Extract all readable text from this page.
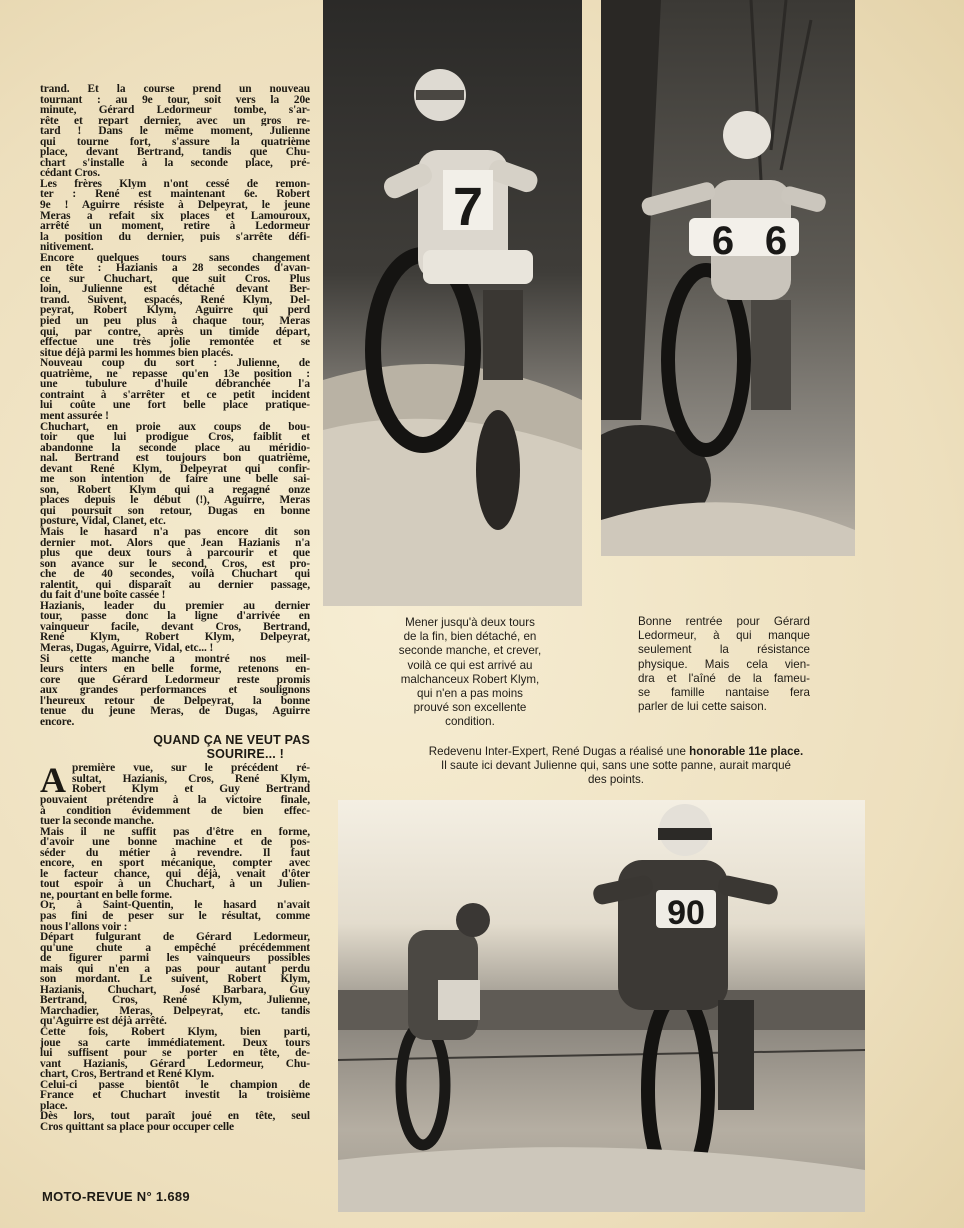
trand. Et la course prend un nouveau
tournant : au 9e tour, soit vers la 20e
minute, Gérard Ledormeur tombe, s'ar-
rête et repart dernier, avec un gros re-
tard ! Dans le même moment, Julienne
qui tourne fort, s'assure la quatrième
place, devant Bertrand, tandis que Chu-
chart s'installe à la seconde place, pré-
cédant Cros.
Les frères Klym n'ont cessé de remon-
ter : René est maintenant 6e. Robert
9e ! Aguirre résiste à Delpeyrat, le jeune
Meras a refait six places et Lamouroux,
arrêté un moment, retire à Ledormeur
la position du dernier, puis s'arrête défi-
nitivement.
Encore quelques tours sans changement
en tête : Hazianis a 28 secondes d'avan-
ce sur Chuchart, que suit Cros. Plus
loin, Julienne est détaché devant Ber-
trand. Suivent, espacés, René Klym, Del-
peyrat, Robert Klym, Aguirre qui perd
pied un peu plus à chaque tour, Meras
qui, par contre, après un timide départ,
effectue une très jolie remontée et se
situe déjà parmi les hommes bien placés.
Nouveau coup du sort : Julienne, de
quatrième, ne repasse qu'en 13e position :
une tubulure d'huile débranchée l'a
contraint à s'arrêter et ce petit incident
lui coûte une fort belle place pratique-
ment assurée !
Chuchart, en proie aux coups de bou-
toir que lui prodigue Cros, faiblit et
abandonne la seconde place au méridio-
nal. Bertrand est toujours bon quatrième,
devant René Klym, Delpeyrat qui confir-
me son intention de faire une belle sai-
son, Robert Klym qui a regagné onze
places depuis le début (!), Aguirre, Meras
qui poursuit son retour, Dugas en bonne
posture, Vidal, Clanet, etc.
Mais le hasard n'a pas encore dit son
dernier mot. Alors que Jean Hazianis n'a
plus que deux tours à parcourir et que
son avance sur le second, Cros, est pro-
che de 40 secondes, voilà Chuchart qui
ralentit, qui disparaît au dernier passage,
du fait d'une boîte cassée !
Hazianis, leader du premier au dernier
tour, passe donc la ligne d'arrivée en
vainqueur facile, devant Cros, Bertrand,
René Klym, Robert Klym, Delpeyrat,
Meras, Dugas, Aguirre, Vidal, etc... !
Si cette manche a montré nos meil-
leurs inters en belle forme, retenons en-
core que Gérard Ledormeur reste promis
aux grandes performances et soulignons
l'heureux retour de Delpeyrat, la bonne
tenue du jeune Meras, de Dugas, Aguirre
encore.
QUAND ÇA NE VEUT PAS
SOURIRE... !
A première vue, sur le précédent ré-
sultat, Hazianis, Cros, René Klym,
Robert Klym et Guy Bertrand
pouvaient prétendre à la victoire finale,
à condition évidemment de bien effec-
tuer la seconde manche.
Mais il ne suffit pas d'être en forme,
d'avoir une bonne machine et de pos-
séder du métier à revendre. Il faut
encore, en sport mécanique, compter avec
le facteur chance, qui déjà, venait d'ôter
tout espoir à un Chuchart, à un Julien-
ne, pourtant en belle forme.
Or, à Saint-Quentin, le hasard n'avait
pas fini de peser sur le résultat, comme
nous l'allons voir :
Départ fulgurant de Gérard Ledormeur,
qu'une chute a empêché précédemment
de figurer parmi les vainqueurs possibles
mais qui n'en a pas pour autant perdu
son mordant. Le suivent, Robert Klym,
Hazianis, Chuchart, José Barbara, Guy
Bertrand, Cros, René Klym, Julienne,
Marchadier, Meras, Delpeyrat, etc. tandis
qu'Aguirre est déjà arrêté.
Cette fois, Robert Klym, bien parti,
joue sa carte immédiatement. Deux tours
lui suffisent pour se porter en tête, de-
vant Hazianis, Gérard Ledormeur, Chu-
chart, Cros, Bertrand et René Klym.
Celui-ci passe bientôt le champion de
France et Chuchart investit la troisième
place.
Dès lors, tout paraît joué en tête, seul
Cros quittant sa place pour occuper celle
7
6 6
90
Mener jusqu'à deux tours
de la fin, bien détaché, en
seconde manche, et crever,
voilà ce qui est arrivé au
malchanceux Robert Klym,
qui n'en a pas moins
prouvé son excellente
condition.
Bonne rentrée pour Gérard
Ledormeur, à qui manque
seulement la résistance
physique. Mais cela vien-
dra et l'aîné de la fameu-
se famille nantaise fera
parler de lui cette saison.
Redevenu Inter-Expert, René Dugas a réalisé une honorable 11e place.
Il saute ici devant Julienne qui, sans une sotte panne, aurait marqué
des points.
MOTO-REVUE N° 1.689
